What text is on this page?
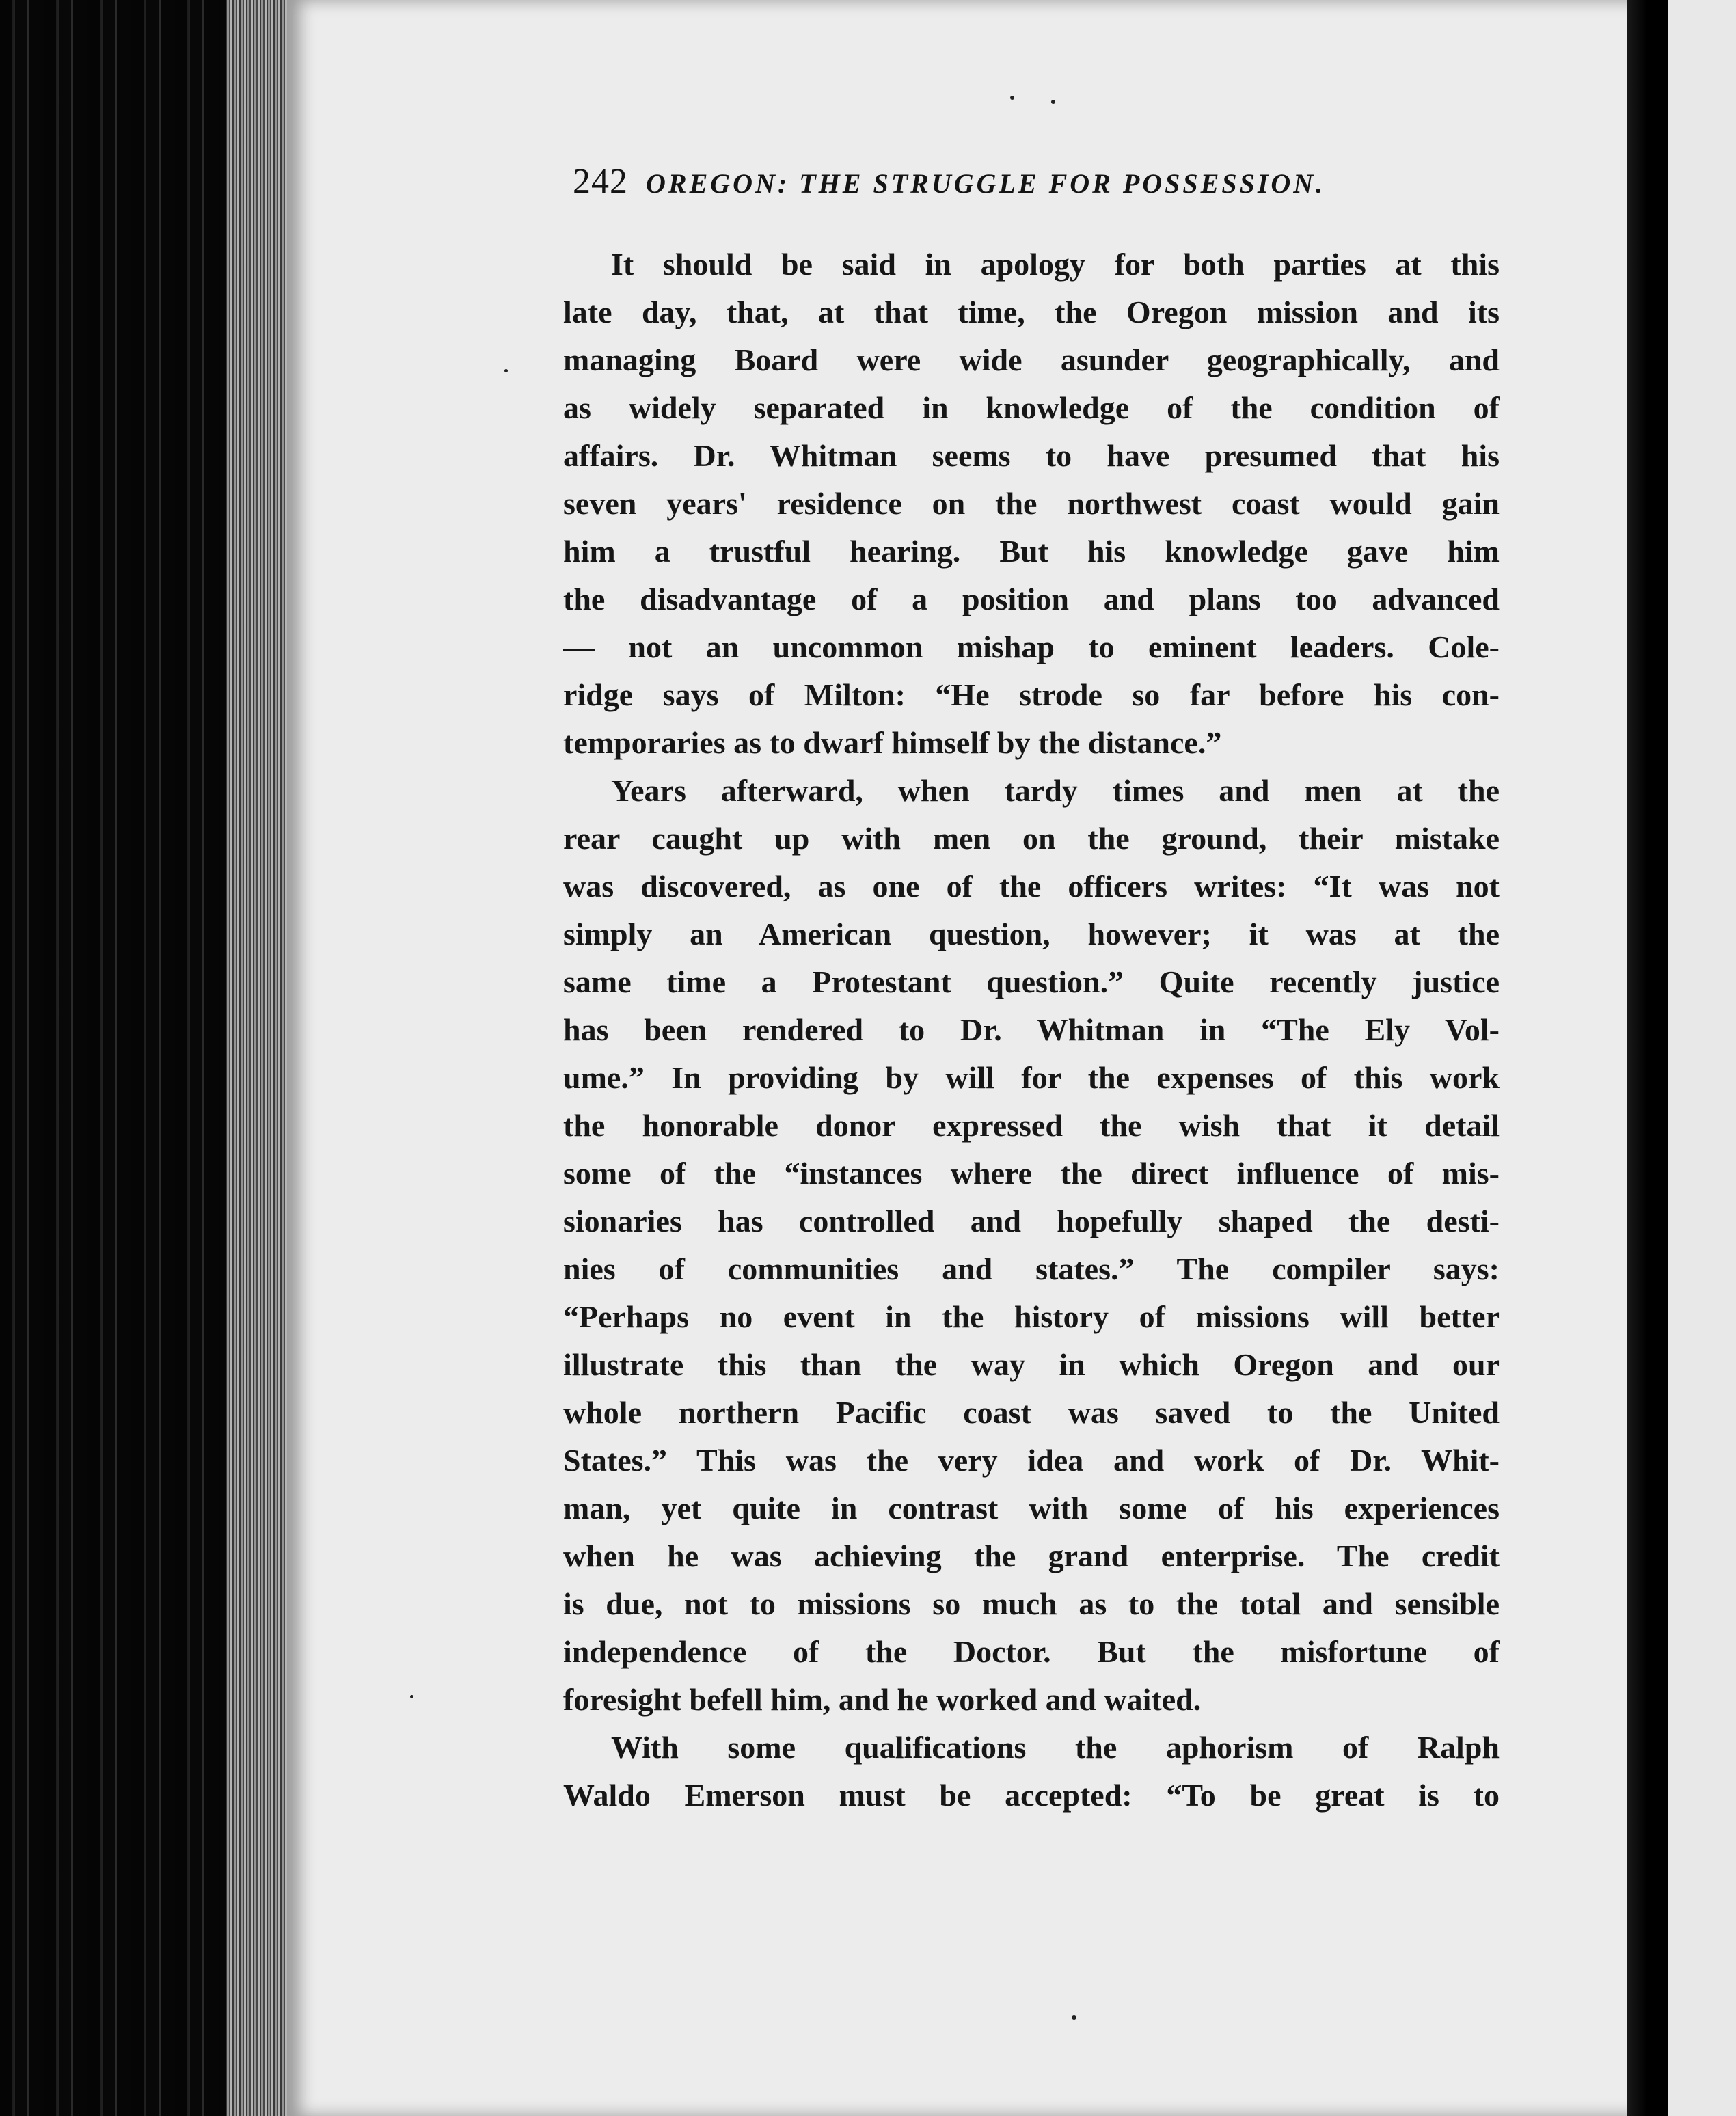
242 OREGON: THE STRUGGLE FOR POSSESSION.
It should be said in apology for both parties at this
late day, that, at that time, the Oregon mission and its
managing Board were wide asunder geographically, and
as widely separated in knowledge of the condition of
affairs. Dr. Whitman seems to have presumed that his
seven years' residence on the northwest coast would gain
him a trustful hearing. But his knowledge gave him
the disadvantage of a position and plans too advanced
— not an uncommon mishap to eminent leaders. Cole-
ridge says of Milton: “He strode so far before his con-
temporaries as to dwarf himself by the distance.”
Years afterward, when tardy times and men at the
rear caught up with men on the ground, their mistake
was discovered, as one of the officers writes: “It was not
simply an American question, however; it was at the
same time a Protestant question.” Quite recently justice
has been rendered to Dr. Whitman in “The Ely Vol-
ume.” In providing by will for the expenses of this work
the honorable donor expressed the wish that it detail
some of the “instances where the direct influence of mis-
sionaries has controlled and hopefully shaped the desti-
nies of communities and states.” The compiler says:
“Perhaps no event in the history of missions will better
illustrate this than the way in which Oregon and our
whole northern Pacific coast was saved to the United
States.” This was the very idea and work of Dr. Whit-
man, yet quite in contrast with some of his experiences
when he was achieving the grand enterprise. The credit
is due, not to missions so much as to the total and sensible
independence of the Doctor. But the misfortune of
foresight befell him, and he worked and waited.
With some qualifications the aphorism of Ralph
Waldo Emerson must be accepted: “To be great is to
